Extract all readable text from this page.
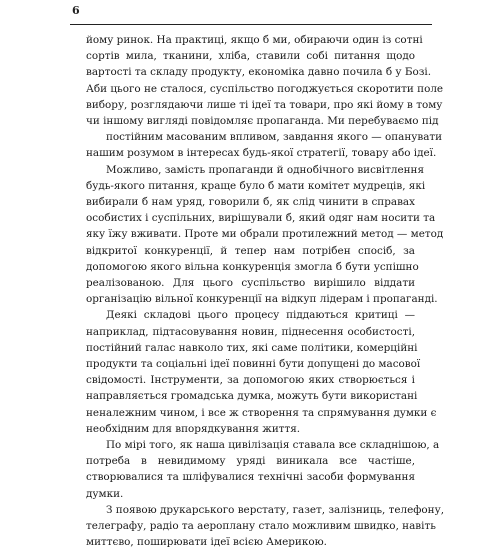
6

йому ринок. На практиці, якщо б ми, обираючи один із сотні
сортів мила, тканини, хліба, ставили собі питання щодо
вартості та складу продукту, економіка давно почила б у Бозі.
Аби цього не сталося, суспільство погоджується скоротити поле
вибору, розглядаючи лише ті ідеї та товари, про які йому в тому
чи іншому вигляді повідомляє пропаганда. Ми перебуваємо під
постійним масованим впливом, завдання якого — опанувати
нашим розумом в інтересах будь-якої стратегії, товару або ідеї.

Можливо, замість пропаганди й однобічного висвітлення
будь-якого питання, краще було б мати комітет мудреців, які
вибирали б нам уряд, говорили б, як слід чинити в справах
особистих і суспільних, вирішували б, який одяг нам носити та
яку їжу вживати. Проте ми обрали протилежний метод — метод
відкритої конкуренції, й тепер нам потрібен спосіб, за
допомогою якого вільна конкуренція змогла б бути успішно
реалізованою. Для цього суспільство вирішило віддати
організацію вільної конкуренції на відкуп лідерам і пропаганді.

Деякі складові цього процесу піддаються критиці —
наприклад, підтасовування новин, піднесення особистості,
постійний галас навколо тих, які саме політики, комерційні
продукти та соціальні ідеї повинні бути допущені до масової
свідомості. Інструменти, за допомогою яких створюється і
направляється громадська думка, можуть бути використані
неналежним чином, і все ж створення та спрямування думки є
необхідним для впорядкування життя.

По мірі того, як наша цивілізація ставала все складнішою, а
потреба в невидимому уряді виникала все частіше,
створювалися та шліфувалися технічні засоби формування
думки.

З появою друкарського верстату, газет, залізниць, телефону,
телеграфу, радіо та аероплану стало можливим швидко, навіть
миттєво, поширювати ідеї всією Америкою.
